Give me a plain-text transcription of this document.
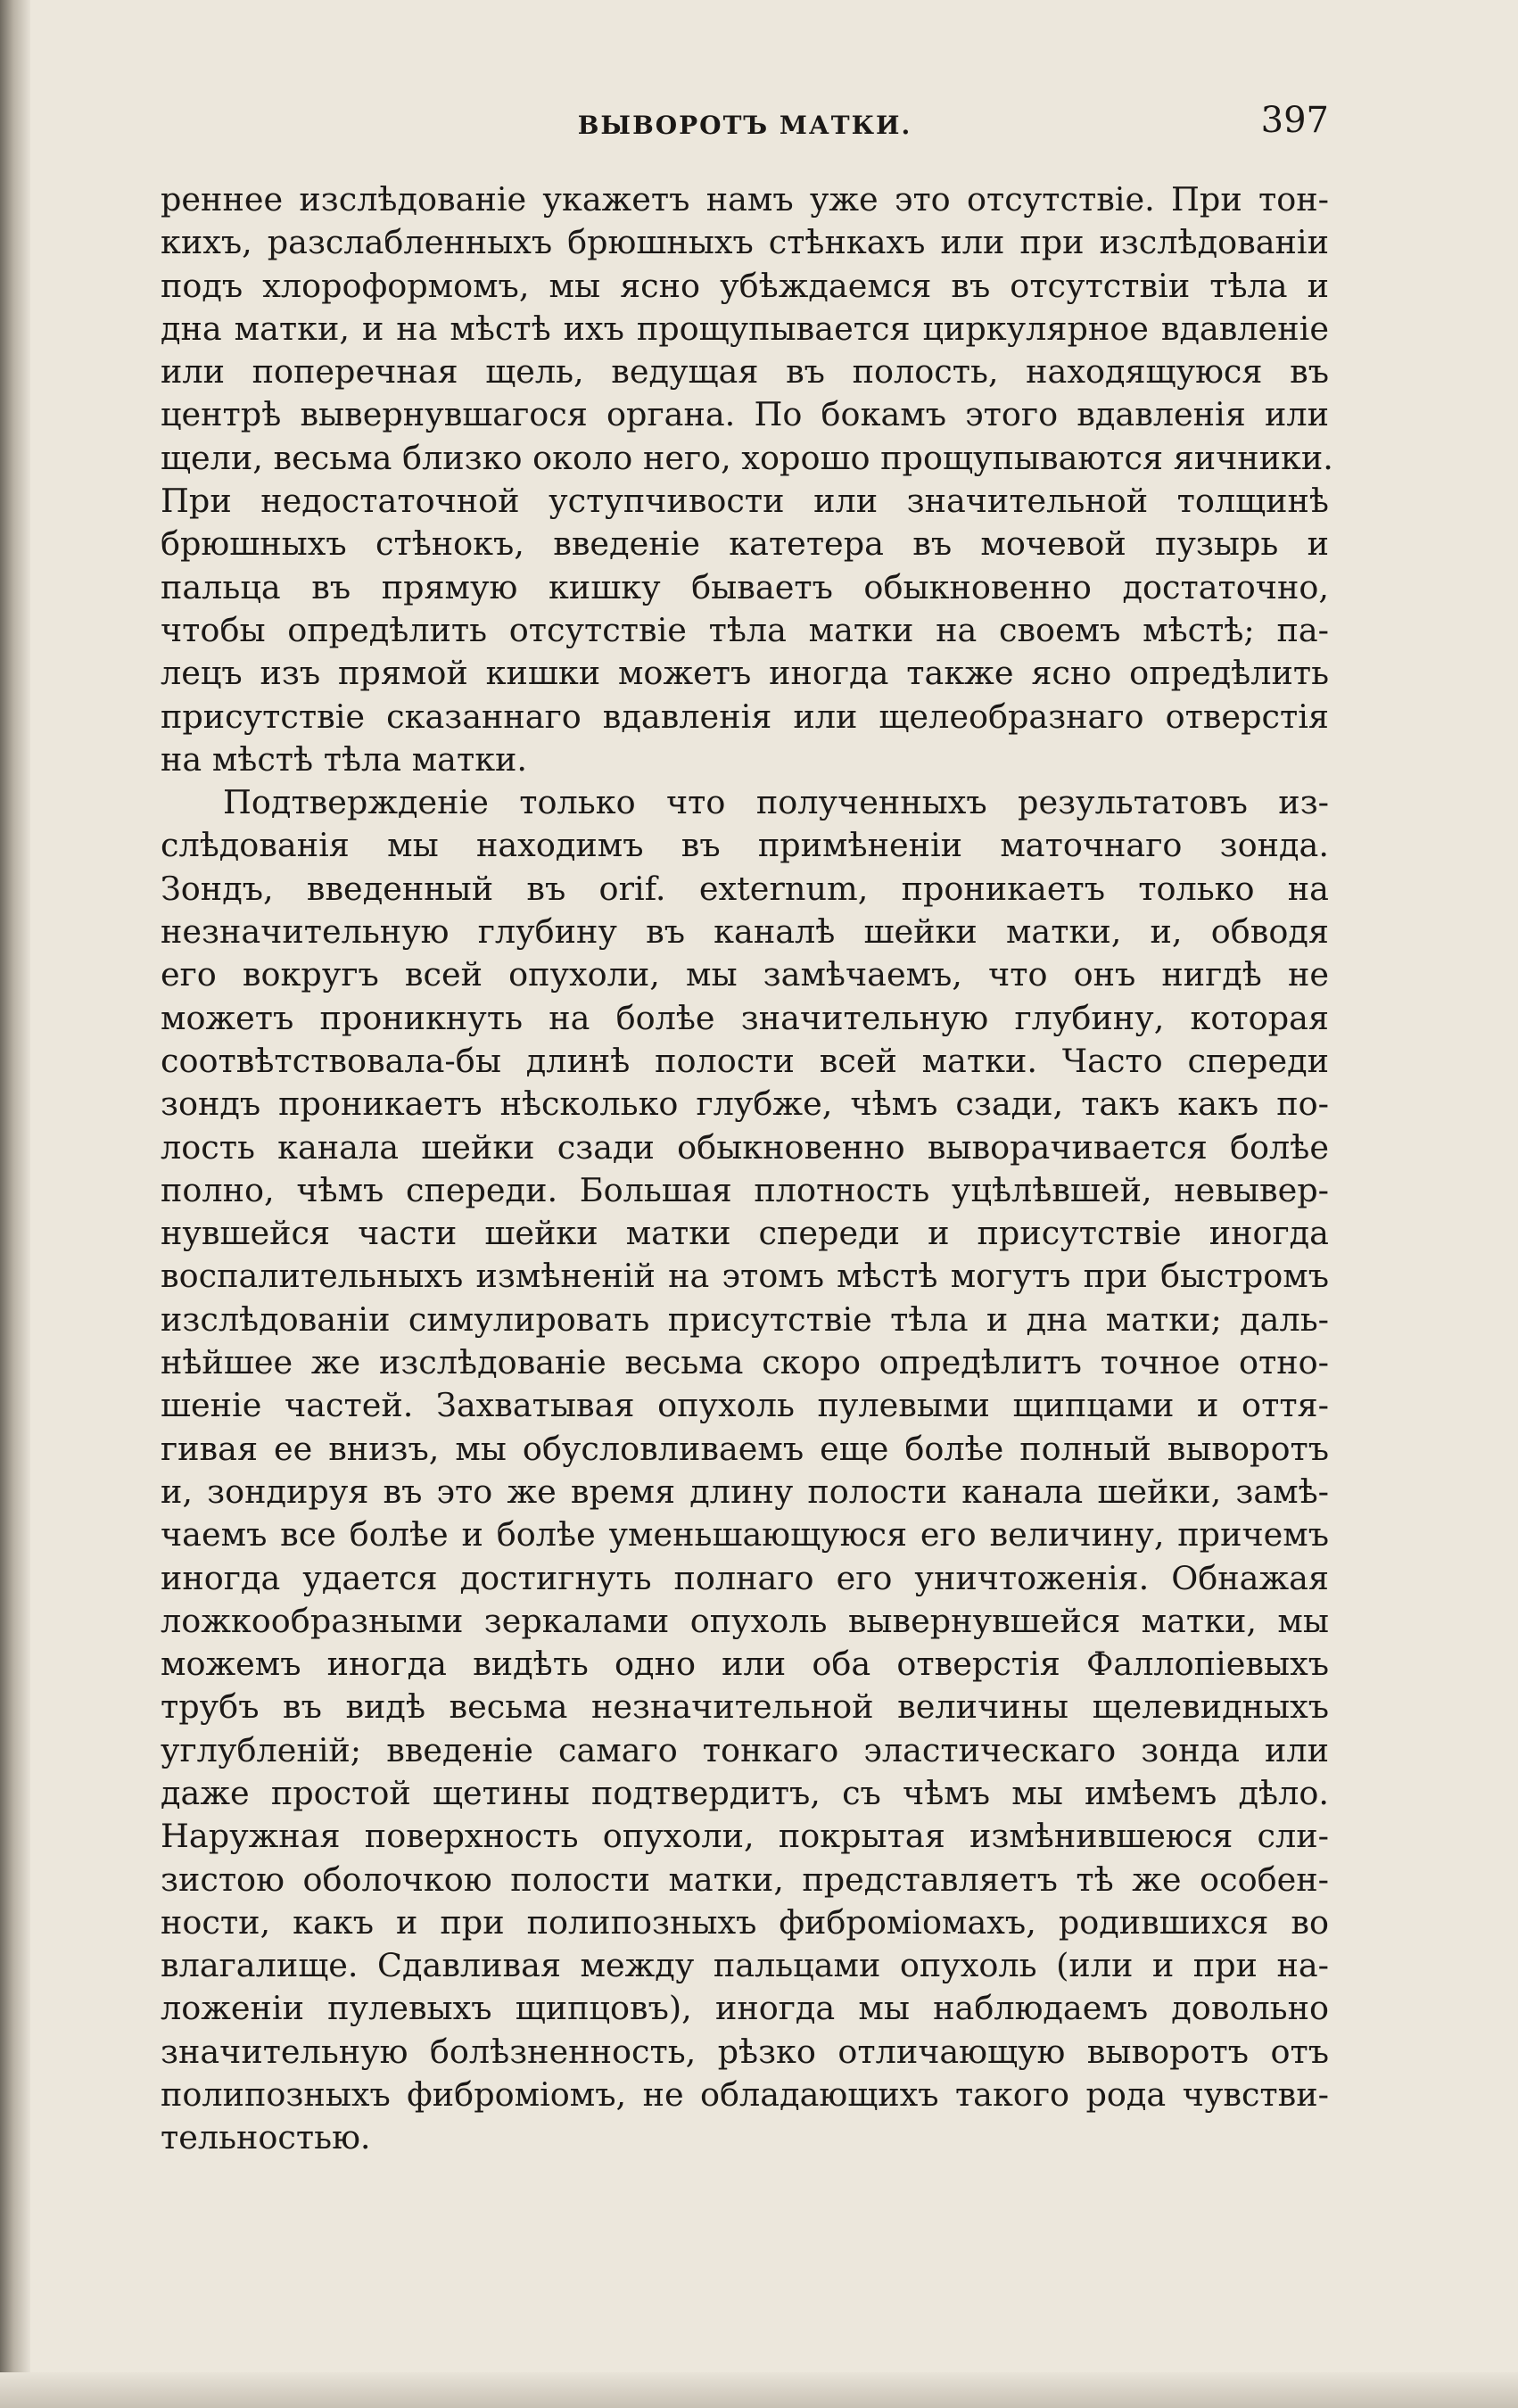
ВЫВОРОТЪ МАТКИ.	397
реннее изслѣдованiе укажетъ намъ уже это отсутствiе. При тон-
кихъ, разслабленныхъ брюшныхъ стѣнкахъ или при изслѣдованiи
подъ хлороформомъ, мы ясно убѣждаемся въ отсутствiи тѣла и
дна матки, и на мѣстѣ ихъ прощупывается циркулярное вдавленiе
или поперечная щель, ведущая въ полость, находящуюся въ
центрѣ вывернувшагося органа. По бокамъ этого вдавленiя или
щели, весьма близко около него, хорошо прощупываются яичники.
При недостаточной уступчивости или значительной толщинѣ
брюшныхъ стѣнокъ, введенiе катетера въ мочевой пузырь и
пальца въ прямую кишку бываетъ обыкновенно достаточно,
чтобы опредѣлить отсутствiе тѣла матки на своемъ мѣстѣ; па-
лецъ изъ прямой кишки можетъ иногда также ясно опредѣлить
присутствiе сказаннаго вдавленiя или щелеобразнаго отверстiя
на мѣстѣ тѣла матки.
Подтвержденiе только что полученныхъ результатовъ из-
слѣдованiя мы находимъ въ примѣненiи маточнаго зонда.
Зондъ, введенный въ orif. externum, проникаетъ только на
незначительную глубину въ каналѣ шейки матки, и, обводя
его вокругъ всей опухоли, мы замѣчаемъ, что онъ нигдѣ не
можетъ проникнуть на болѣе значительную глубину, которая
соотвѣтствовала-бы длинѣ полости всей матки. Часто спереди
зондъ проникаетъ нѣсколько глубже, чѣмъ сзади, такъ какъ по-
лость канала шейки сзади обыкновенно выворачивается болѣе
полно, чѣмъ спереди. Большая плотность уцѣлѣвшей, невывер-
нувшейся части шейки матки спереди и присутствiе иногда
воспалительныхъ измѣненiй на этомъ мѣстѣ могутъ при быстромъ
изслѣдованiи симулировать присутствiе тѣла и дна матки; даль-
нѣйшее же изслѣдованiе весьма скоро опредѣлитъ точное отно-
шенiе частей. Захватывая опухоль пулевыми щипцами и оття-
гивая ее внизъ, мы обусловливаемъ еще болѣе полный выворотъ
и, зондируя въ это же время длину полости канала шейки, замѣ-
чаемъ все болѣе и болѣе уменьшающуюся его величину, причемъ
иногда удается достигнуть полнаго его уничтоженiя. Обнажая
ложкообразными зеркалами опухоль вывернувшейся матки, мы
можемъ иногда видѣть одно или оба отверстiя Фаллопiевыхъ
трубъ въ видѣ весьма незначительной величины щелевидныхъ
углубленiй; введенiе самаго тонкаго эластическаго зонда или
даже простой щетины подтвердитъ, съ чѣмъ мы имѣемъ дѣло.
Наружная поверхность опухоли, покрытая измѣнившеюся сли-
зистою оболочкою полости матки, представляетъ тѣ же особен-
ности, какъ и при полипозныхъ фиброміомахъ, родившихся во
влагалище. Сдавливая между пальцами опухоль (или и при на-
ложенiи пулевыхъ щипцовъ), иногда мы наблюдаемъ довольно
значительную болѣзненность, рѣзко отличающую выворотъ отъ
полипозныхъ фиброміомъ, не обладающихъ такого рода чувстви-
тельностью.
